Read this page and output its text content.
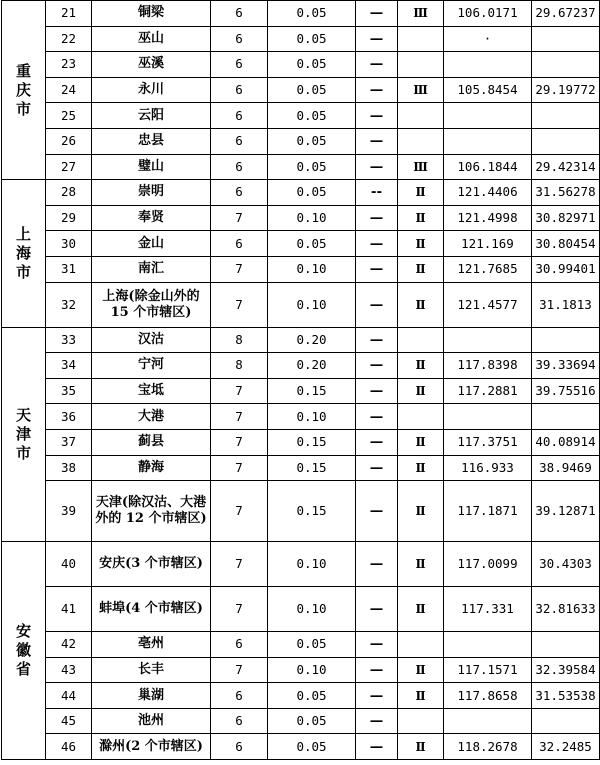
重
庆
市	21	铜梁	6	0.05	—	Ⅲ	106.0171	29.67237
	22	巫山	6	0.05	—		·	
	23	巫溪	6	0.05	—			
	24	永川	6	0.05	—	Ⅲ	105.8454	29.19772
	25	云阳	6	0.05	—			
	26	忠县	6	0.05	—			
	27	璧山	6	0.05	—	Ⅲ	106.1844	29.42314

上
海
市	28	崇明	6	0.05	--	Ⅱ	121.4406	31.56278
	29	奉贤	7	0.10	—	Ⅱ	121.4998	30.82971
	30	金山	6	0.05	—	Ⅱ	121.169	30.80454
	31	南汇	7	0.10	—	Ⅱ	121.7685	30.99401
	32	上海(除金山外的 15 个市辖区)	7	0.10	—	Ⅱ	121.4577	31.1813

天
津
市	33	汉沽	8	0.20	—			
	34	宁河	8	0.20	—	Ⅱ	117.8398	39.33694
	35	宝坻	7	0.15	—	Ⅱ	117.2881	39.75516
	36	大港	7	0.10	—			
	37	蓟县	7	0.15	—	Ⅱ	117.3751	40.08914
	38	静海	7	0.15	—	Ⅱ	116.933	38.9469
	39	天津(除汉沽、大港外的 12 个市辖区)	7	0.15	—	Ⅱ	117.1871	39.12871

安
徽
省	40	安庆(3 个市辖区)	7	0.10	—	Ⅱ	117.0099	30.4303
	41	蚌埠(4 个市辖区)	7	0.10	—	Ⅱ	117.331	32.81633
	42	亳州	6	0.05	—			
	43	长丰	7	0.10	—	Ⅱ	117.1571	32.39584
	44	巢湖	6	0.05	—	Ⅱ	117.8658	31.53538
	45	池州	6	0.05	—			
	46	滁州(2 个市辖区)	6	0.05	—	Ⅱ	118.2678	32.2485
